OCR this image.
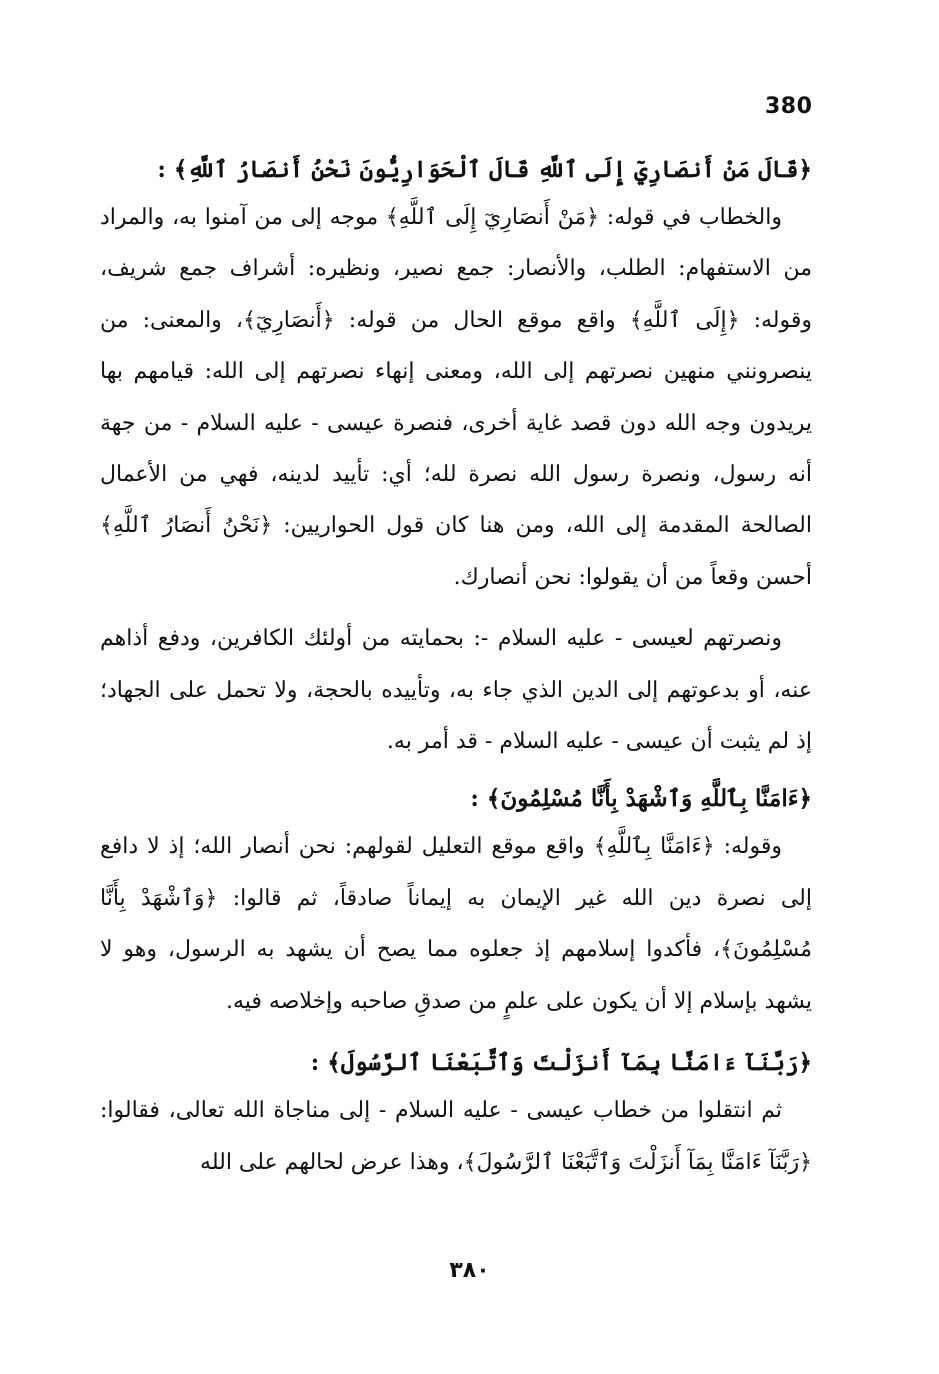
380

﴿قَالَ مَنْ أَنصَارِيٓ إِلَى ٱللَّهِ قَالَ ٱلْحَوَارِيُّونَ نَحْنُ أَنصَارُ ٱللَّهِ﴾ :

والخطاب في قوله: ﴿مَنْ أَنصَارِيٓ إِلَى ٱللَّهِ﴾ موجه إلى من آمنوا به، والمراد من الاستفهام: الطلب، والأنصار: جمع نصير، ونظيره: أشراف جمع شريف، وقوله: ﴿إِلَى ٱللَّهِ﴾ واقع موقع الحال من قوله: ﴿أَنصَارِيٓ﴾، والمعنى: من ينصرونني منهين نصرتهم إلى الله، ومعنى إنهاء نصرتهم إلى الله: قيامهم بها يريدون وجه الله دون قصد غاية أخرى، فنصرة عيسى - عليه السلام - من جهة أنه رسول، ونصرة رسول الله نصرة لله؛ أي: تأييد لدينه، فهي من الأعمال الصالحة المقدمة إلى الله، ومن هنا كان قول الحواريين: ﴿نَحْنُ أَنصَارُ ٱللَّهِ﴾ أحسن وقعاً من أن يقولوا: نحن أنصارك.

ونصرتهم لعيسى - عليه السلام -: بحمايته من أولئك الكافرين، ودفع أذاهم عنه، أو بدعوتهم إلى الدين الذي جاء به، وتأييده بالحجة، ولا تحمل على الجهاد؛ إذ لم يثبت أن عيسى - عليه السلام - قد أمر به.

﴿ءَامَنَّا بِٱللَّهِ وَٱشْهَدْ بِأَنَّا مُسْلِمُونَ﴾ :

وقوله: ﴿ءَامَنَّا بِٱللَّهِ﴾ واقع موقع التعليل لقولهم: نحن أنصار الله؛ إذ لا دافع إلى نصرة دين الله غير الإيمان به إيماناً صادقاً، ثم قالوا: ﴿وَٱشْهَدْ بِأَنَّا مُسْلِمُونَ﴾، فأكدوا إسلامهم إذ جعلوه مما يصح أن يشهد به الرسول، وهو لا يشهد بإسلام إلا أن يكون على علمٍ من صدقِ صاحبه وإخلاصه فيه.

﴿رَبَّنَآ ءَامَنَّا بِمَآ أَنزَلْتَ وَٱتَّبَعْنَا ٱلرَّسُولَ﴾ :

ثم انتقلوا من خطاب عيسى - عليه السلام - إلى مناجاة الله تعالى، فقالوا: ﴿رَبَّنَآ ءَامَنَّا بِمَآ أَنزَلْتَ وَٱتَّبَعْنَا ٱلرَّسُولَ﴾، وهذا عرض لحالهم على الله

٣٨٠
